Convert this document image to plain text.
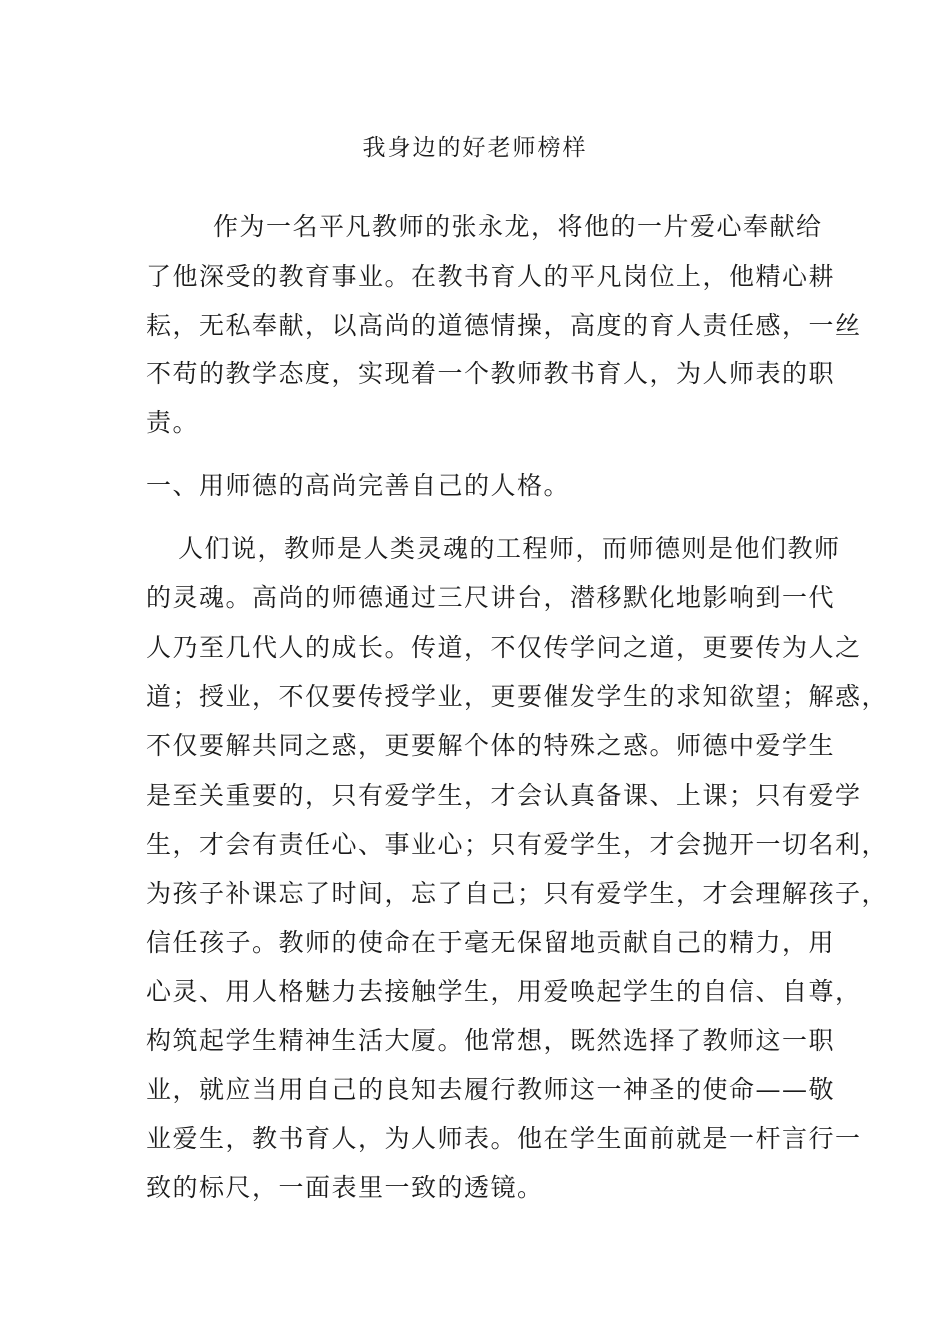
我身边的好老师榜样
作为一名平凡教师的张永龙，将他的一片爱心奉献给
了他深受的教育事业。在教书育人的平凡岗位上，他精心耕
耘，无私奉献，以高尚的道德情操，高度的育人责任感，一丝
不苟的教学态度，实现着一个教师教书育人，为人师表的职
责。
一、用师德的高尚完善自己的人格。
人们说，教师是人类灵魂的工程师，而师德则是他们教师
的灵魂。高尚的师德通过三尺讲台，潜移默化地影响到一代
人乃至几代人的成长。传道，不仅传学问之道，更要传为人之
道；授业，不仅要传授学业，更要催发学生的求知欲望；解惑，
不仅要解共同之惑，更要解个体的特殊之惑。师德中爱学生
是至关重要的，只有爱学生，才会认真备课、上课；只有爱学
生，才会有责任心、事业心；只有爱学生，才会抛开一切名利，
为孩子补课忘了时间，忘了自己；只有爱学生，才会理解孩子，
信任孩子。教师的使命在于毫无保留地贡献自己的精力，用
心灵、用人格魅力去接触学生，用爱唤起学生的自信、自尊，
构筑起学生精神生活大厦。他常想，既然选择了教师这一职
业，就应当用自己的良知去履行教师这一神圣的使命——敬
业爱生，教书育人，为人师表。他在学生面前就是一杆言行一
致的标尺，一面表里一致的透镜。
